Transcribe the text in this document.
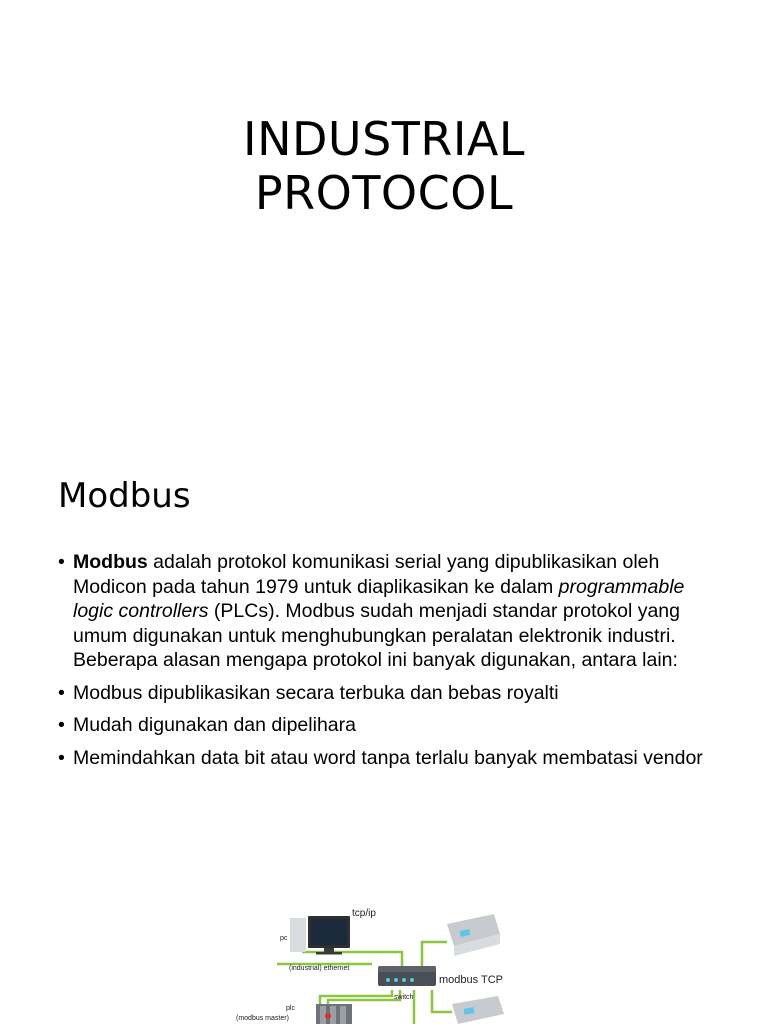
INDUSTRIAL
PROTOCOL
Modbus
• Modbus adalah protokol komunikasi serial yang dipublikasikan oleh Modicon pada tahun 1979 untuk diaplikasikan ke dalam programmable logic controllers (PLCs). Modbus sudah menjadi standar protokol yang umum digunakan untuk menghubungkan peralatan elektronik industri. Beberapa alasan mengapa protokol ini banyak digunakan, antara lain:
• Modbus dipublikasikan secara terbuka dan bebas royalti
• Mudah digunakan dan dipelihara
• Memindahkan data bit atau word tanpa terlalu banyak membatasi vendor
tcp/ip
pc
(industrial) ethernet
modbus TCP
switch
plc
(modbus master)
